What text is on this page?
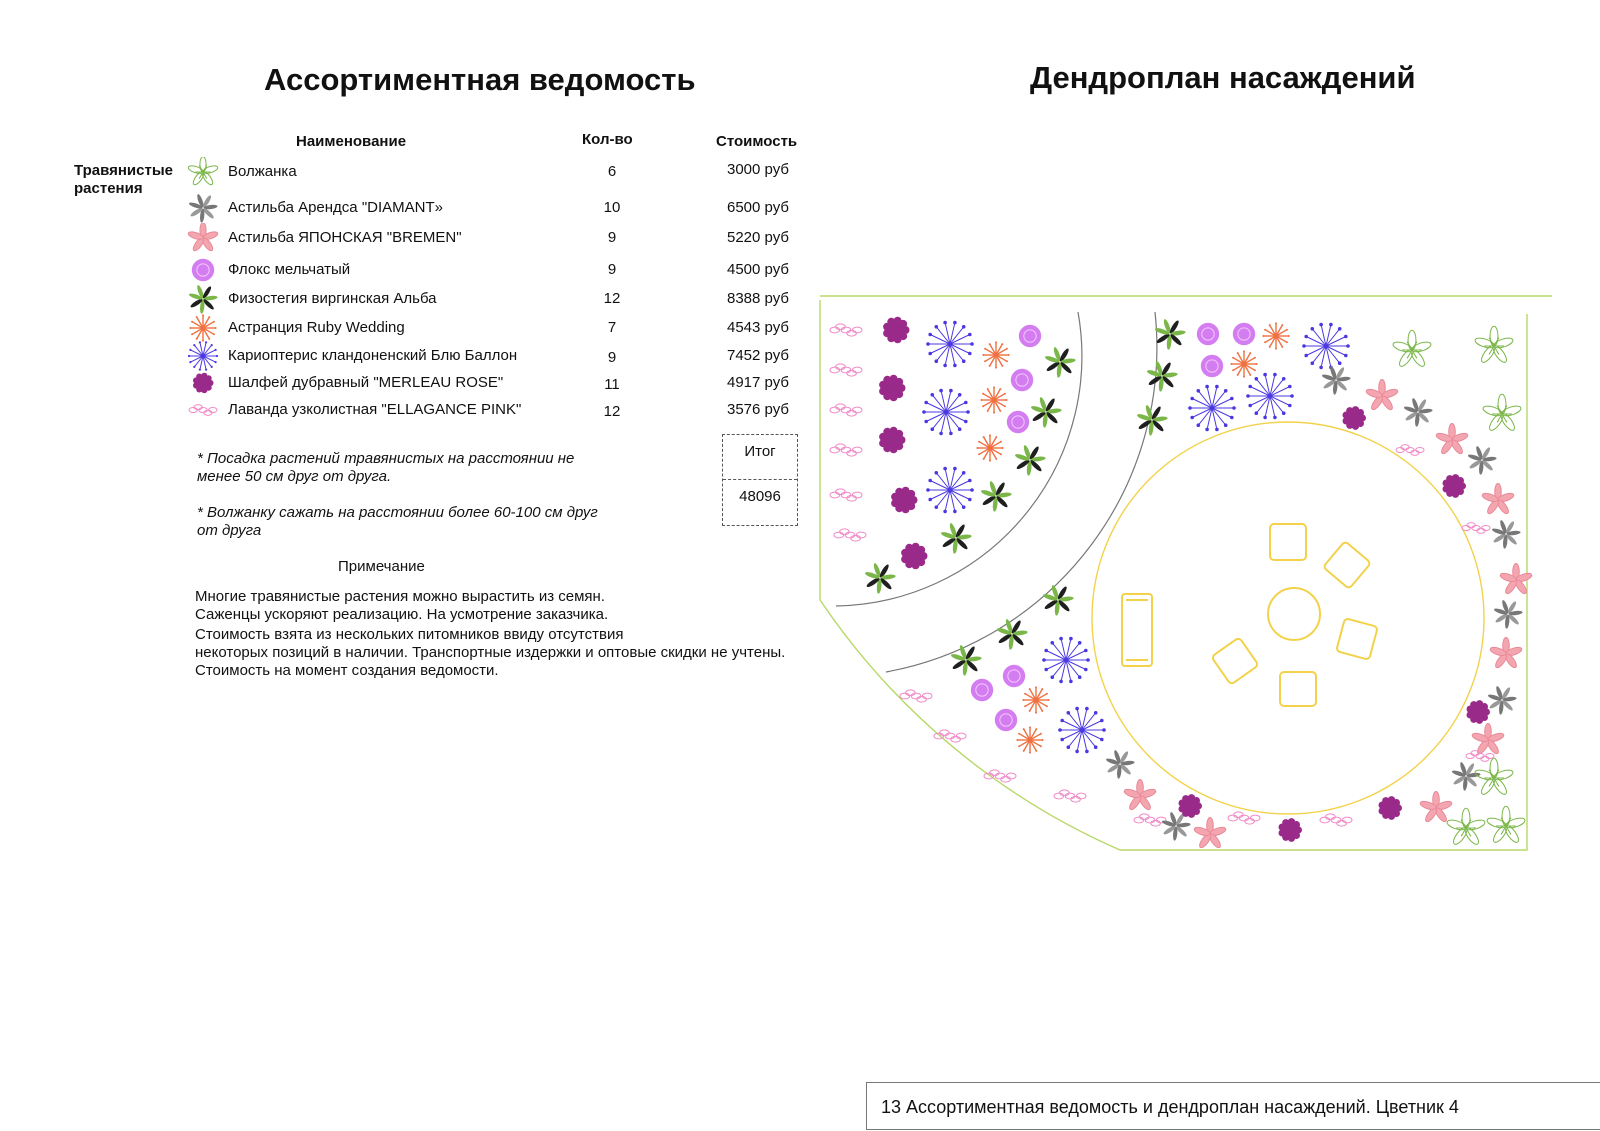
Ассортиментная ведомость	Дендроплан насаждений
Наименование	Кол-во	Стоимость
Травянистые растения
Волжанка	6	3000 руб
Астильба Арендса "DIAMANT»	10	6500 руб
Астильба ЯПОНСКАЯ "BREMEN"	9	5220 руб
Флокс мельчатый	9	4500 руб
Физостегия виргинская Альба	12	8388 руб
Астранция Ruby Wedding	7	4543 руб
Кариоптерис кландоненский Блю Баллон	9	7452 руб
Шалфей дубравный "MERLEAU ROSE"	11	4917 руб
Лаванда узколистная "ELLAGANCE PINK"	12	3576 руб
Итог
48096
* Посадка растений травянистых на расстоянии не менее 50 см друг от друга.
* Волжанку сажать на расстоянии более 60-100 см друг от друга
Примечание
Многие травянистые растения можно вырастить из семян.
Саженцы ускоряют реализацию. На усмотрение заказчика.
Стоимость взята из нескольких питомников ввиду отсутствия
некоторых позиций в наличии. Транспортные издержки и оптовые скидки не учтены.
Стоимость на момент создания ведомости.
13 Ассортиментная ведомость и дендроплан насаждений. Цветник 4
